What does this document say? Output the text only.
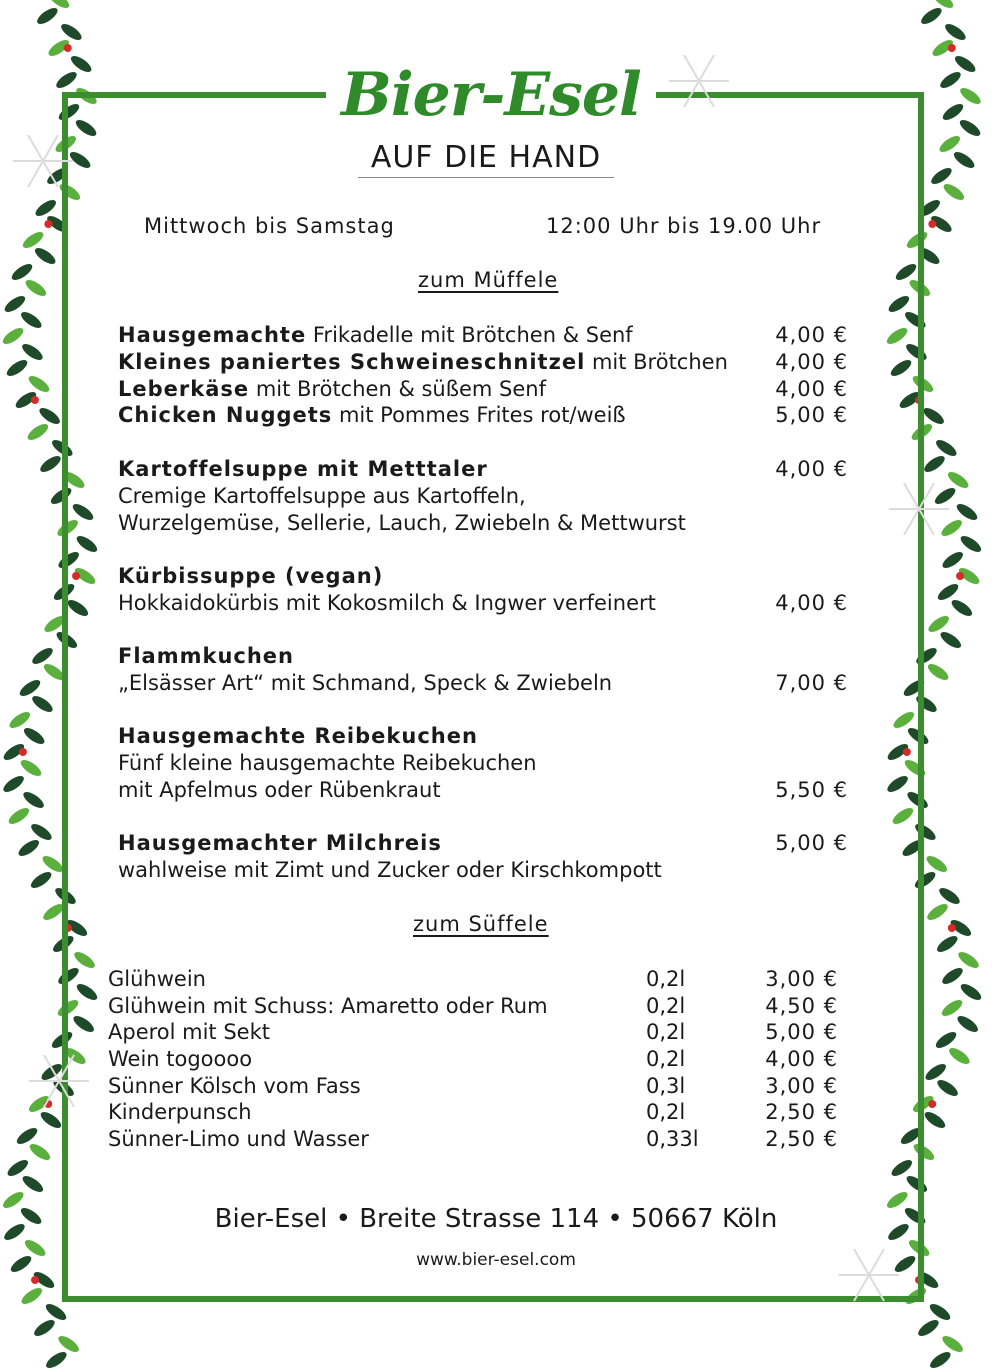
Bier-Esel
AUF DIE HAND
Mittwoch bis Samstag	12:00 Uhr bis 19.00 Uhr
zum Müffele
Hausgemachte Frikadelle mit Brötchen & Senf	4,00 €
Kleines paniertes Schweineschnitzel mit Brötchen 4,00 €
Leberkäse mit Brötchen & süßem Senf	4,00 €
Chicken Nuggets mit Pommes Frites rot/weiß	5,00 €
Kartoffelsuppe mit Metttaler	4,00 €
Cremige Kartoffelsuppe aus Kartoffeln,
Wurzelgemüse, Sellerie, Lauch, Zwiebeln & Mettwurst
Kürbissuppe (vegan)
Hokkaidokürbis mit Kokosmilch & Ingwer verfeinert	4,00 €
Flammkuchen
„Elsässer Art“ mit Schmand, Speck & Zwiebeln	7,00 €
Hausgemachte Reibekuchen
Fünf kleine hausgemachte Reibekuchen
mit Apfelmus oder Rübenkraut	5,50 €
Hausgemachter Milchreis	5,00 €
wahlweise mit Zimt und Zucker oder Kirschkompott
zum Süffele
Glühwein	0,2l	3,00 €
Glühwein mit Schuss: Amaretto oder Rum	0,2l	4,50 €
Aperol mit Sekt	0,2l	5,00 €
Wein togoooo	0,2l	4,00 €
Sünner Kölsch vom Fass	0,3l	3,00 €
Kinderpunsch	0,2l	2,50 €
Sünner-Limo und Wasser	0,33l	2,50 €
Bier-Esel • Breite Strasse 114 • 50667 Köln
www.bier-esel.com
